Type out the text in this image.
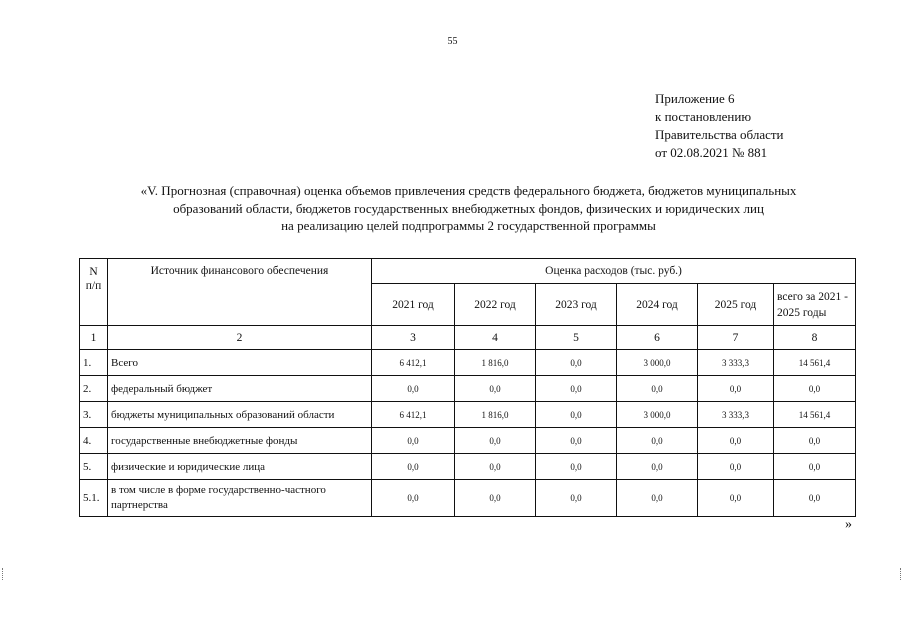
55
Приложение 6
к постановлению
Правительства области
от 02.08.2021 № 881
«V. Прогнозная (справочная) оценка объемов привлечения средств федерального бюджета, бюджетов муниципальных
образований области, бюджетов государственных внебюджетных фондов, физических и юридических лиц
на реализацию целей подпрограммы 2 государственной программы
N
п/п	Источник финансового обеспечения	Оценка расходов (тыс. руб.)					
		2021 год	2022 год	2023 год	2024 год	2025 год	всего за 2021 - 2025 годы
1	2	3	4	5	6	7	8
1.	Всего	6 412,1	1 816,0	0,0	3 000,0	3 333,3	14 561,4
2.	федеральный бюджет	0,0	0,0	0,0	0,0	0,0	0,0
3.	бюджеты муниципальных образований области	6 412,1	1 816,0	0,0	3 000,0	3 333,3	14 561,4
4.	государственные внебюджетные фонды	0,0	0,0	0,0	0,0	0,0	0,0
5.	физические и юридические лица	0,0	0,0	0,0	0,0	0,0	0,0
5.1.	в том числе в форме государственно-частного партнерства	0,0	0,0	0,0	0,0	0,0	0,0
»
